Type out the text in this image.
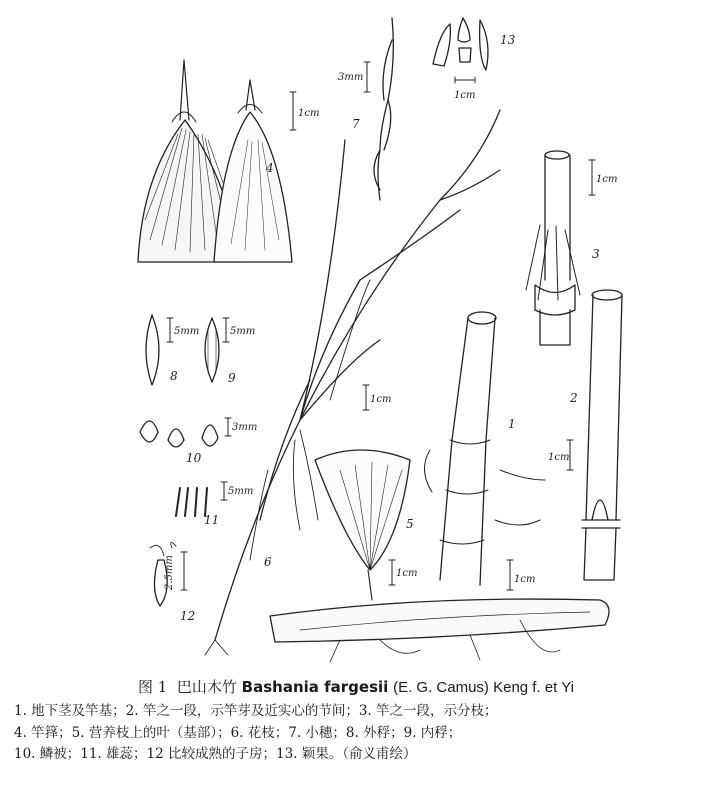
4
13
7
3
2
1
5
6
8	9
10
11
12
1cm
1cm
1cm
3mm
1cm
1cm
1cm
1cm
5mm	5mm
3mm
5mm
2.5mm

图 1 巴山木竹 Bashania fargesii (E. G. Camus) Keng f. et Yi

1. 地下茎及竿基；2. 竿之一段，示竿芽及近实心的节间；3. 竿之一段，示分枝；

4. 竿箨；5. 营养枝上的叶（基部）；6. 花枝；7. 小穗；8. 外稃；9. 内稃；

10. 鳞被；11. 雄蕊；12 比较成熟的子房；13. 颖果。（俞义甫绘）
